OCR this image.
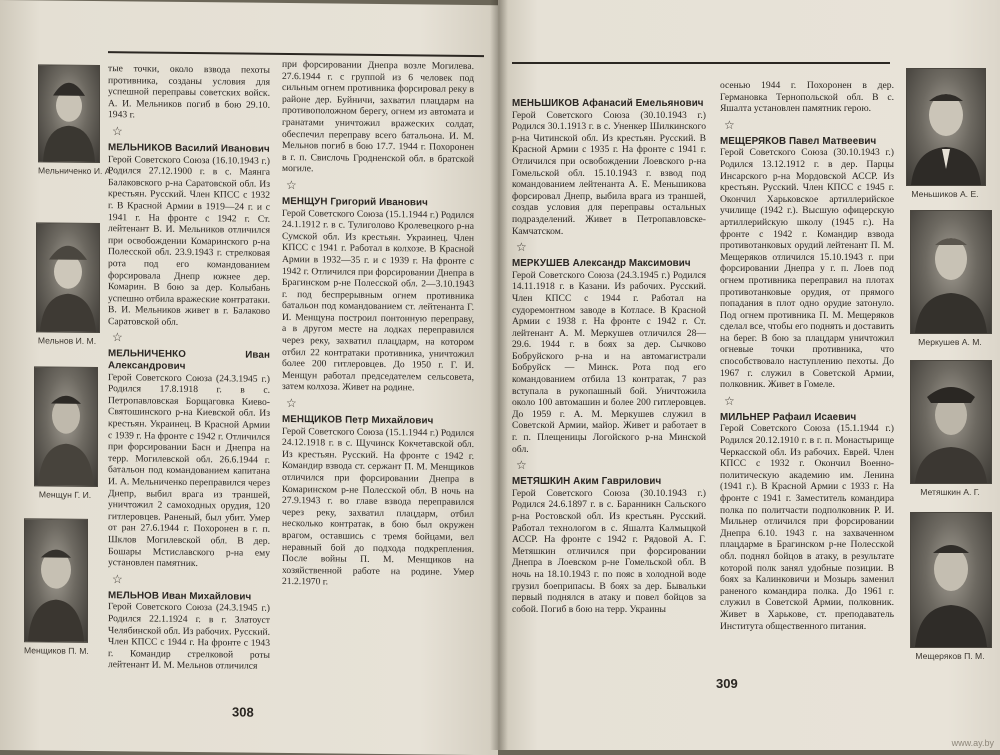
Мельниченко И. А.
Мельнов И. М.
Менщун Г. И.
Менщиков П. М.
тые точки, около взвода пехоты противника, созданы условия для успешной переправы советских войск. А. И. Мельников погиб в бою 29.10. 1943 г.
☆
МЕЛЬНИКОВ Василий Иванович
Герой Советского Союза (16.10.1943 г.) Родился 27.12.1900 г. в с. Маянга Балаковского р-на Саратовской обл. Из крестьян. Русский. Член КПСС с 1932 г. В Красной Армии в 1919—24 г. и с 1941 г. На фронте с 1942 г. Ст. лейтенант В. И. Мельников отличился при освобождении Комаринского р-на Полесской обл. 23.9.1943 г. стрелковая рота под его командованием форсировала Днепр южнее дер. Комарин. В бою за дер. Колыбань успешно отбила вражеские контратаки. В. И. Мельников живет в г. Балаково Саратовской обл.
☆
МЕЛЬНИЧЕНКО Иван Александрович
Герой Советского Союза (24.3.1945 г.) Родился 17.8.1918 г. в с. Петропавловская Борщаговка Киево-Святошинского р-на Киевской обл. Из крестьян. Украинец. В Красной Армии с 1939 г. На фронте с 1942 г. Отличился при форсировании Басн и Днепра на терр. Могилевской обл. 26.6.1944 г. батальон под командованием капитана И. А. Мельниченко переправился через Днепр, выбил врага из траншей, уничтожил 2 самоходных орудия, 120 гитлеровцев. Раненый, был убит. Умер от ран 27.6.1944 г. Похоронен в г. п. Шклов Могилевской обл. В дер. Бошары Мстиславского р-на ему установлен памятник.
☆
МЕЛЬНОВ Иван Михайлович
Герой Советского Союза (24.3.1945 г.) Родился 22.1.1924 г. в г. Златоуст Челябинской обл. Из рабочих. Русский. Член КПСС с 1944 г. На фронте с 1943 г. Командир стрелковой роты лейтенант И. М. Мельнов отличился
при форсировании Днепра возле Могилева. 27.6.1944 г. с группой из 6 человек под сильным огнем противника форсировал реку в районе дер. Буйничи, захватил плацдарм на противоположном берегу, огнем из автомата и гранатами уничтожил вражеских солдат, обеспечил переправу всего батальона. И. М. Мельнов погиб в бою 17.7. 1944 г. Похоронен в г. п. Свислочь Гродненской обл. в братской могиле.
☆
МЕНЩУН Григорий Иванович
Герой Советского Союза (15.1.1944 г.) Родился 24.1.1912 г. в с. Тулиголово Кролевецкого р-на Сумской обл. Из крестьян. Украинец. Член КПСС с 1941 г. Работал в колхозе. В Красной Армии в 1932—35 г. и с 1939 г. На фронте с 1942 г. Отличился при форсировании Днепра в Брагинском р-не Полесской обл. 2—3.10.1943 г. под беспрерывным огнем противника батальон под командованием ст. лейтенанта Г. И. Менщуна построил понтонную переправу, а в другом месте на лодках переправился через реку, захватил плацдарм, на котором отбил 22 контратаки противника, уничтожил более 200 гитлеровцев. До 1950 г. Г. И. Менщун работал председателем сельсовета, затем колхоза. Живет на родине.
☆
МЕНЩИКОВ Петр Михайлович
Герой Советского Союза (15.1.1944 г.) Родился 24.12.1918 г. в с. Щучинск Кокчетавской обл. Из крестьян. Русский. На фронте с 1942 г. Командир взвода ст. сержант П. М. Менщиков отличился при форсировании Днепра в Комаринском р-не Полесской обл. В ночь на 27.9.1943 г. во главе взвода переправился через реку, захватил плацдарм, отбил несколько контратак, в бою был окружен врагом, оставшись с тремя бойцами, вел неравный бой до подхода подкрепления. После войны П. М. Менщиков на хозяйственной работе на родине. Умер 21.2.1970 г.
308
МЕНЬШИКОВ Афанасий Емельянович
Герой Советского Союза (30.10.1943 г.) Родился 30.1.1913 г. в с. Уненкер Шилкинского р-на Читинской обл. Из крестьян. Русский. В Красной Армии с 1935 г. На фронте с 1941 г. Отличился при освобождении Лоевского р-на Гомельской обл. 15.10.1943 г. взвод под командованием лейтенанта А. Е. Меньшикова форсировал Днепр, выбила врага из траншей, создав условия для переправы остальных подразделений. Живет в Петропавловске-Камчатском.
☆
МЕРКУШЕВ Александр Максимович
Герой Советского Союза (24.3.1945 г.) Родился 14.11.1918 г. в Казани. Из рабочих. Русский. Член КПСС с 1944 г. Работал на судоремонтном заводе в Котласе. В Красной Армии с 1938 г. На фронте с 1942 г. Ст. лейтенант А. М. Меркушев отличился 28—29.6. 1944 г. в боях за дер. Сычково Бобруйского р-на и на автомагистрали Бобруйск — Минск. Рота под его командованием отбила 13 контратак, 7 раз вступала в рукопашный бой. Уничтожила около 100 автомашин и более 200 гитлеровцев. До 1959 г. А. М. Меркушев служил в Советской Армии, майор. Живет и работает в г. п. Плещеницы Логойского р-на Минской обл.
☆
МЕТЯШКИН Аким Гаврилович
Герой Советского Союза (30.10.1943 г.) Родился 24.6.1897 г. в с. Баранникн Сальского р-на Ростовской обл. Из крестьян. Русский. Работал технологом в с. Яшалта Калмыцкой АССР. На фронте с 1942 г. Рядовой А. Г. Метяшкин отличился при форсировании Днепра в Лоевском р-не Гомельской обл. В ночь на 18.10.1943 г. по пояс в холодной воде грузил боеприпасы. В боях за дер. Бывальки первый поднялся в атаку и повел бойцов за собой. Погиб в бою на терр. Украины
осенью 1944 г. Похоронен в дер. Германовка Тернопольской обл. В с. Яшалта установлен памятник герою.
☆
МЕЩЕРЯКОВ Павел Матвеевич
Герой Советского Союза (30.10.1943 г.) Родился 13.12.1912 г. в дер. Парцы Инсарского р-на Мордовской АССР. Из крестьян. Русский. Член КПСС с 1945 г. Окончил Харьковское артиллерийское училище (1942 г.). Высшую офицерскую артиллерийскую школу (1945 г.). На фронте с 1942 г. Командир взвода противотанковых орудий лейтенант П. М. Мещеряков отличился 15.10.1943 г. при форсировании Днепра у г. п. Лоев под огнем противника переправил на плотах противотанковые орудия, от прямого попадания в плот одно орудие затонуло. Под огнем противника П. М. Мещеряков сделал все, чтобы его поднять и доставить на берег. В бою за плацдарм уничтожил огневые точки противника, что способствовало наступлению пехоты. До 1967 г. служил в Советской Армии, полковник. Живет в Гомеле.
☆
МИЛЬНЕР Рафаил Исаевич
Герой Советского Союза (15.1.1944 г.) Родился 20.12.1910 г. в г. п. Монастырище Черкасской обл. Из рабочих. Еврей. Член КПСС с 1932 г. Окончил Военно-политическую академию им. Ленина (1941 г.). В Красной Армии с 1933 г. На фронте с 1941 г. Заместитель командира полка по политчасти подполковник Р. И. Мильнер отличился при форсировании Днепра 6.10. 1943 г. на захваченном плацдарме в Брагинском р-не Полесской обл. поднял бойцов в атаку, в результате которой полк занял удобные позиции. В боях за Калинковичи и Мозырь заменил раненого командира полка. До 1961 г. служил в Советской Армии, полковник. Живет в Харькове, ст. преподаватель Института общественного питания.
Меньшиков А. Е.
Меркушев А. М.
Метяшкин А. Г.
Мещеряков П. М.
309
www.ay.by
